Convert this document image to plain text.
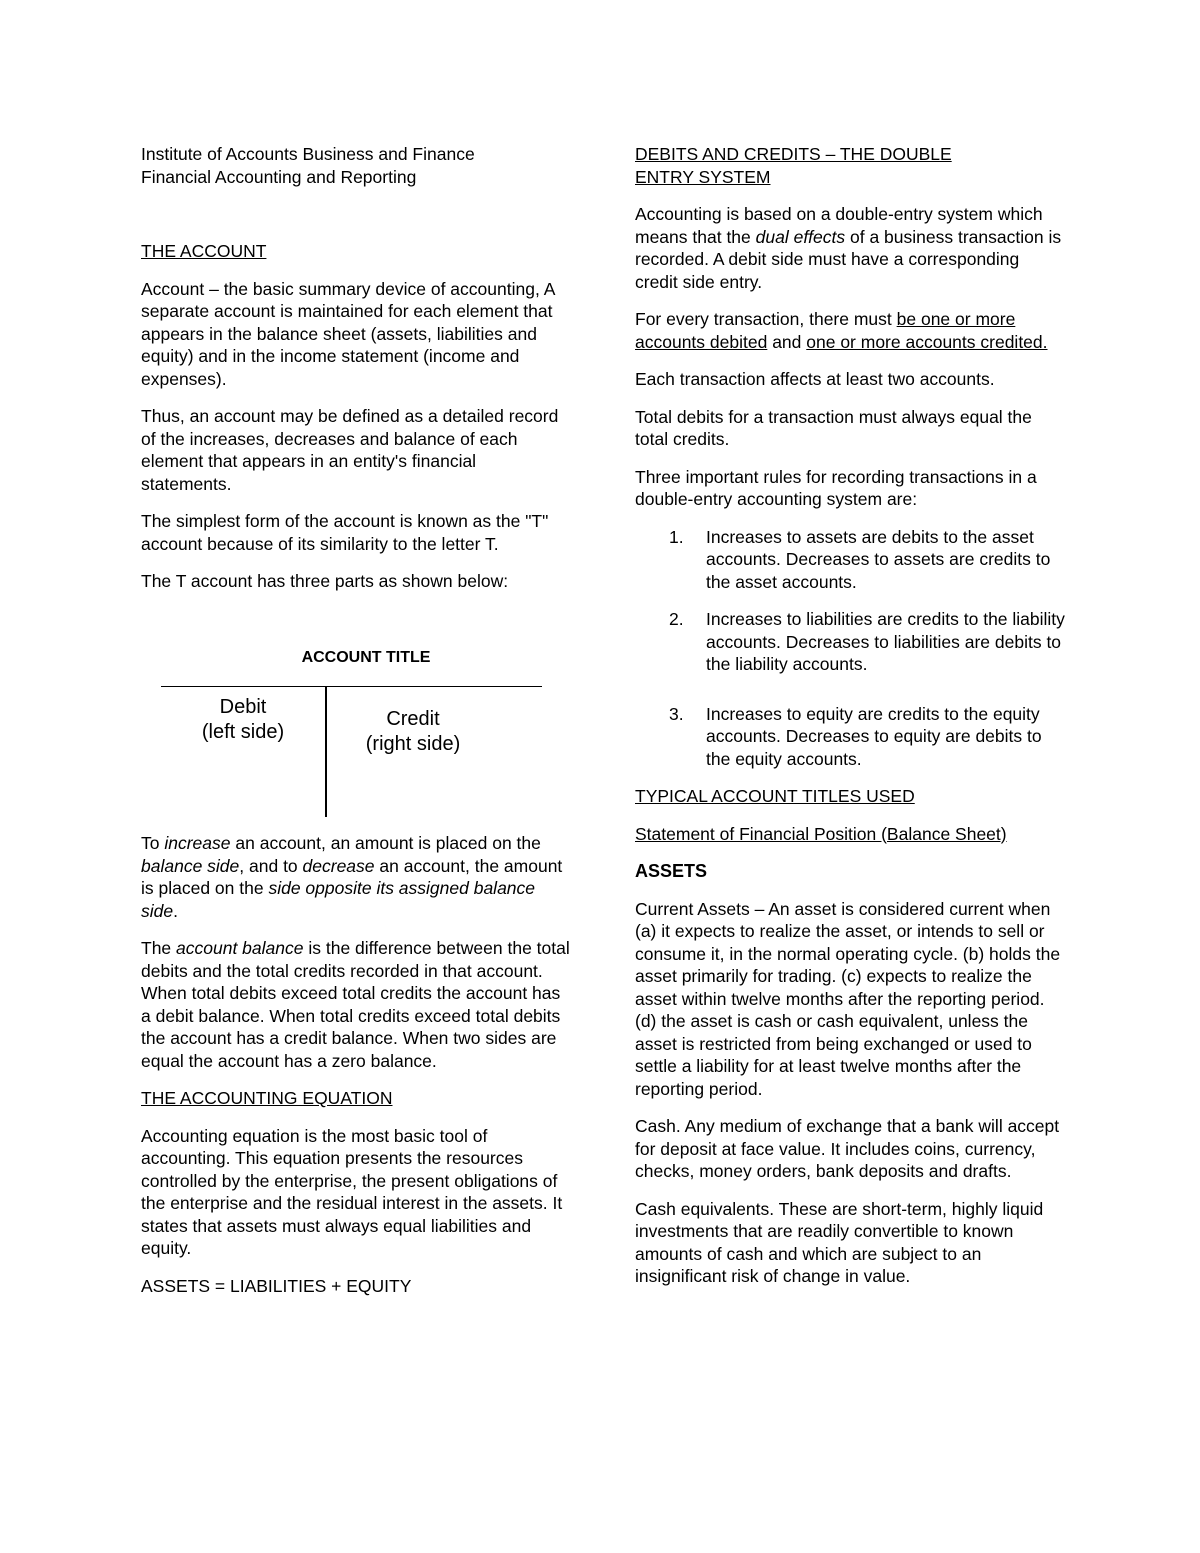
Institute of Accounts Business and Finance
Financial Accounting and Reporting

THE ACCOUNT

Account – the basic summary device of accounting, A separate account is maintained for each element that appears in the balance sheet (assets, liabilities and equity) and in the income statement (income and expenses).

Thus, an account may be defined as a detailed record of the increases, decreases and balance of each element that appears in an entity's financial statements.

The simplest form of the account is known as the "T" account because of its similarity to the letter T.

The T account has three parts as shown below:

ACCOUNT TITLE
Debit
(left side)
Credit
(right side)

To increase an account, an amount is placed on the balance side, and to decrease an account, the amount is placed on the side opposite its assigned balance side.

The account balance is the difference between the total debits and the total credits recorded in that account. When total debits exceed total credits the account has a debit balance. When total credits exceed total debits the account has a credit balance. When two sides are equal the account has a zero balance.

THE ACCOUNTING EQUATION

Accounting equation is the most basic tool of accounting. This equation presents the resources controlled by the enterprise, the present obligations of the enterprise and the residual interest in the assets. It states that assets must always equal liabilities and equity.

ASSETS = LIABILITIES + EQUITY

DEBITS AND CREDITS – THE DOUBLE
ENTRY SYSTEM

Accounting is based on a double-entry system which means that the dual effects of a business transaction is recorded. A debit side must have a corresponding credit side entry.

For every transaction, there must be one or more accounts debited and one or more accounts credited.

Each transaction affects at least two accounts.

Total debits for a transaction must always equal the total credits.

Three important rules for recording transactions in a double-entry accounting system are:

1. Increases to assets are debits to the asset accounts. Decreases to assets are credits to the asset accounts.
2. Increases to liabilities are credits to the liability accounts. Decreases to liabilities are debits to the liability accounts.
3. Increases to equity are credits to the equity accounts. Decreases to equity are debits to the equity accounts.

TYPICAL ACCOUNT TITLES USED

Statement of Financial Position (Balance Sheet)

ASSETS

Current Assets – An asset is considered current when (a) it expects to realize the asset, or intends to sell or consume it, in the normal operating cycle. (b) holds the asset primarily for trading. (c) expects to realize the asset within twelve months after the reporting period. (d) the asset is cash or cash equivalent, unless the asset is restricted from being exchanged or used to settle a liability for at least twelve months after the reporting period.

Cash. Any medium of exchange that a bank will accept for deposit at face value. It includes coins, currency, checks, money orders, bank deposits and drafts.

Cash equivalents. These are short-term, highly liquid investments that are readily convertible to known amounts of cash and which are subject to an insignificant risk of change in value.
